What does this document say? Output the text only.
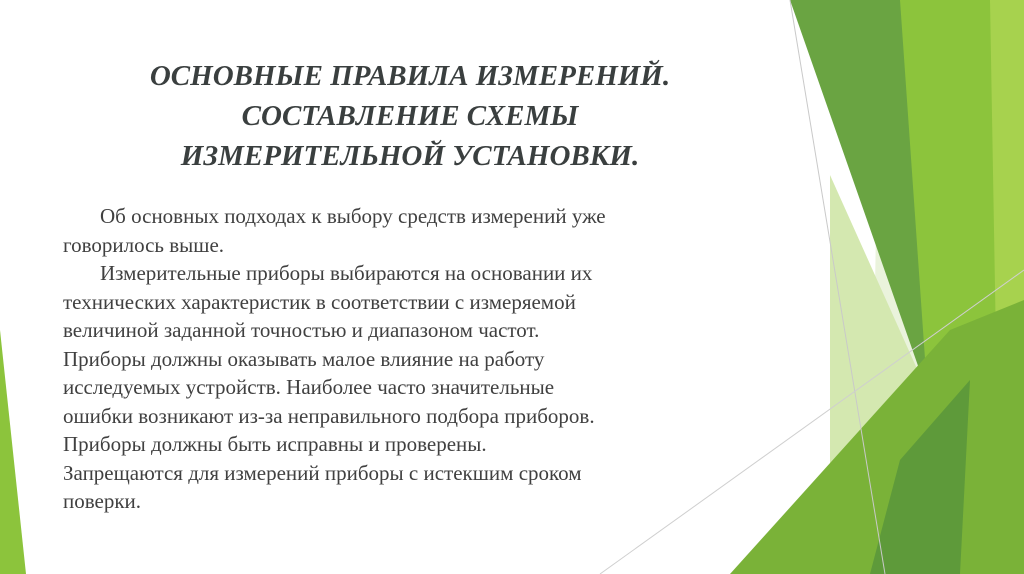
ОСНОВНЫЕ ПРАВИЛА ИЗМЕРЕНИЙ.
СОСТАВЛЕНИЕ СХЕМЫ
ИЗМЕРИТЕЛЬНОЙ УСТАНОВКИ.
Об основных подходах к выбору средств измерений уже
говорилось выше.
Измерительные приборы выбираются на основании их
технических характеристик в соответствии с измеряемой
величиной заданной точностью и диапазоном частот.
Приборы должны оказывать малое влияние на работу
исследуемых устройств. Наиболее часто значительные
ошибки возникают из-за неправильного подбора приборов.
Приборы должны быть исправны и проверены.
Запрещаются для измерений приборы с истекшим сроком
поверки.
